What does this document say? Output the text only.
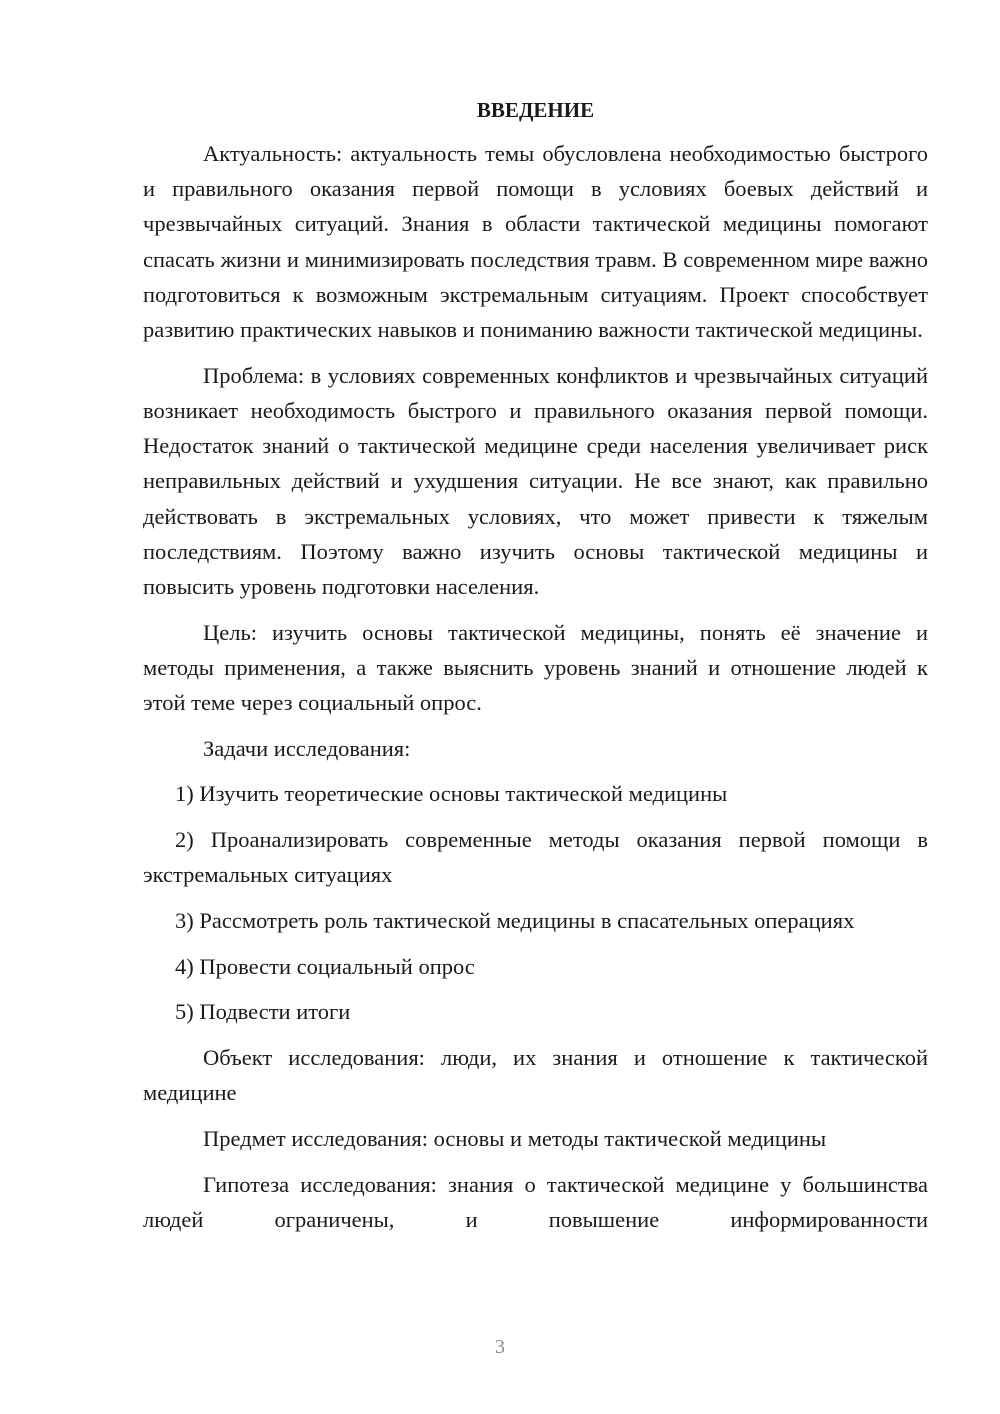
ВВЕДЕНИЕ
Актуальность: актуальность темы обусловлена необходимостью быстрого и правильного оказания первой помощи в условиях боевых действий и чрезвычайных ситуаций. Знания в области тактической медицины помогают спасать жизни и минимизировать последствия травм. В современном мире важно подготовиться к возможным экстремальным ситуациям. Проект способствует развитию практических навыков и пониманию важности тактической медицины.
Проблема: в условиях современных конфликтов и чрезвычайных ситуаций возникает необходимость быстрого и правильного оказания первой помощи. Недостаток знаний о тактической медицине среди населения увеличивает риск неправильных действий и ухудшения ситуации. Не все знают, как правильно действовать в экстремальных условиях, что может привести к тяжелым последствиям. Поэтому важно изучить основы тактической медицины и повысить уровень подготовки населения.
Цель: изучить основы тактической медицины, понять её значение и методы применения, а также выяснить уровень знаний и отношение людей к этой теме через социальный опрос.
Задачи исследования:
1) Изучить теоретические основы тактической медицины
2) Проанализировать современные методы оказания первой помощи в экстремальных ситуациях
3) Рассмотреть роль тактической медицины в спасательных операциях
4) Провести социальный опрос
5) Подвести итоги
Объект исследования: люди, их знания и отношение к тактической медицине
Предмет исследования: основы и методы тактической медицины
Гипотеза исследования: знания о тактической медицине у большинства людей ограничены, и повышение информированности
3
